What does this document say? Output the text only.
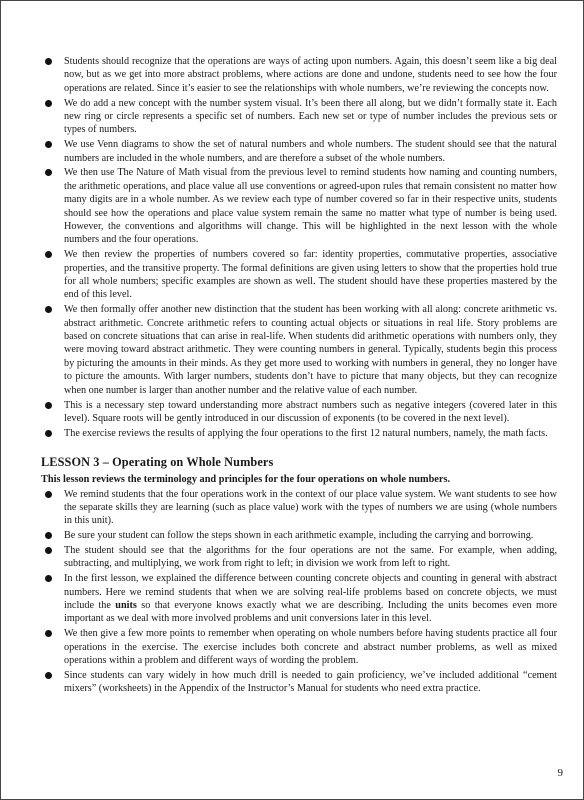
Students should recognize that the operations are ways of acting upon numbers. Again, this doesn’t seem like a big deal now, but as we get into more abstract problems, where actions are done and undone, students need to see how the four operations are related. Since it’s easier to see the relationships with whole numbers, we’re reviewing the concepts now.
We do add a new concept with the number system visual. It’s been there all along, but we didn’t formally state it. Each new ring or circle represents a specific set of numbers. Each new set or type of number includes the previous sets or types of numbers.
We use Venn diagrams to show the set of natural numbers and whole numbers. The student should see that the natural numbers are included in the whole numbers, and are therefore a subset of the whole numbers.
We then use The Nature of Math visual from the previous level to remind students how naming and counting numbers, the arithmetic operations, and place value all use conventions or agreed-upon rules that remain consistent no matter how many digits are in a whole number. As we review each type of number covered so far in their respective units, students should see how the operations and place value system remain the same no matter what type of number is being used. However, the conventions and algorithms will change. This will be highlighted in the next lesson with the whole numbers and the four operations.
We then review the properties of numbers covered so far: identity properties, commutative properties, associative properties, and the transitive property. The formal definitions are given using letters to show that the properties hold true for all whole numbers; specific examples are shown as well. The student should have these properties mastered by the end of this level.
We then formally offer another new distinction that the student has been working with all along: concrete arithmetic vs. abstract arithmetic. Concrete arithmetic refers to counting actual objects or situations in real life. Story problems are based on concrete situations that can arise in real-life. When students did arithmetic operations with numbers only, they were moving toward abstract arithmetic. They were counting numbers in general. Typically, students begin this process by picturing the amounts in their minds. As they get more used to working with numbers in general, they no longer have to picture the amounts. With larger numbers, students don’t have to picture that many objects, but they can recognize when one number is larger than another number and the relative value of each number.
This is a necessary step toward understanding more abstract numbers such as negative integers (covered later in this level). Square roots will be gently introduced in our discussion of exponents (to be covered in the next level).
The exercise reviews the results of applying the four operations to the first 12 natural numbers, namely, the math facts.
LESSON 3 – Operating on Whole Numbers
This lesson reviews the terminology and principles for the four operations on whole numbers.
We remind students that the four operations work in the context of our place value system. We want students to see how the separate skills they are learning (such as place value) work with the types of numbers we are using (whole numbers in this unit).
Be sure your student can follow the steps shown in each arithmetic example, including the carrying and borrowing.
The student should see that the algorithms for the four operations are not the same. For example, when adding, subtracting, and multiplying, we work from right to left; in division we work from left to right.
In the first lesson, we explained the difference between counting concrete objects and counting in general with abstract numbers. Here we remind students that when we are solving real-life problems based on concrete objects, we must include the units so that everyone knows exactly what we are describing. Including the units becomes even more important as we deal with more involved problems and unit conversions later in this level.
We then give a few more points to remember when operating on whole numbers before having students practice all four operations in the exercise. The exercise includes both concrete and abstract number problems, as well as mixed operations within a problem and different ways of wording the problem.
Since students can vary widely in how much drill is needed to gain proficiency, we’ve included additional “cement mixers” (worksheets) in the Appendix of the Instructor’s Manual for students who need extra practice.
9
